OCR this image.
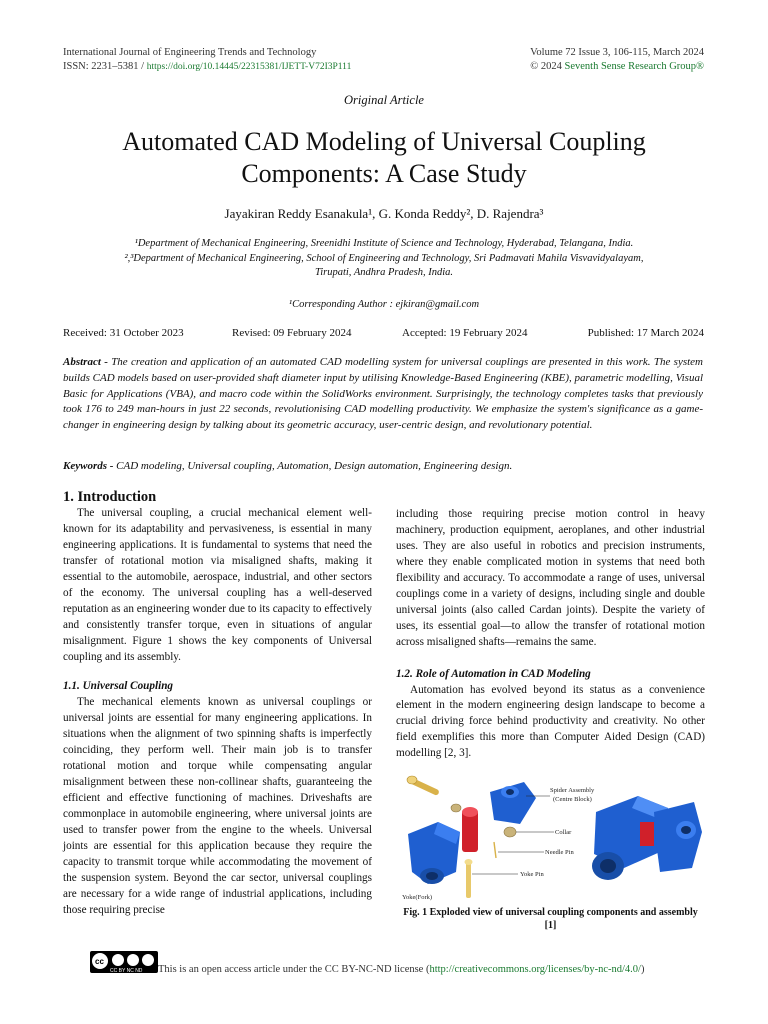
International Journal of Engineering Trends and Technology
ISSN: 2231–5381 / https://doi.org/10.14445/22315381/IJETT-V72I3P111
Volume 72 Issue 3, 106-115, March 2024
© 2024 Seventh Sense Research Group®
Original Article
Automated CAD Modeling of Universal Coupling
Components: A Case Study
Jayakiran Reddy Esanakula¹, G. Konda Reddy², D. Rajendra³
¹Department of Mechanical Engineering, Sreenidhi Institute of Science and Technology, Hyderabad, Telangana, India.
²,³Department of Mechanical Engineering, School of Engineering and Technology, Sri Padmavati Mahila Visvavidyalayam,
Tirupati, Andhra Pradesh, India.
¹Corresponding Author : ejkiran@gmail.com
Received: 31 October 2023	Revised: 09 February 2024	Accepted: 19 February 2024	Published: 17 March 2024
Abstract - The creation and application of an automated CAD modelling system for universal couplings are presented in this work. The system builds CAD models based on user-provided shaft diameter input by utilising Knowledge-Based Engineering (KBE), parametric modelling, Visual Basic for Applications (VBA), and macro code within the SolidWorks environment. Surprisingly, the technology completes tasks that previously took 176 to 249 man-hours in just 22 seconds, revolutionising CAD modelling productivity. We emphasize the system's significance as a game-changer in engineering design by talking about its geometric accuracy, user-centric design, and revolutionary potential.
Keywords - CAD modeling, Universal coupling, Automation, Design automation, Engineering design.
1. Introduction

The universal coupling, a crucial mechanical element well-known for its adaptability and pervasiveness, is essential in many engineering applications. It is fundamental to systems that need the transfer of rotational motion via misaligned shafts, making it essential to the automobile, aerospace, industrial, and other sectors of the economy. The universal coupling has a well-deserved reputation as an engineering wonder due to its capacity to effectively and consistently transfer torque, even in situations of angular misalignment. Figure 1 shows the key components of Universal coupling and its assembly.

1.1. Universal Coupling

The mechanical elements known as universal couplings or universal joints are essential for many engineering applications. In situations when the alignment of two spinning shafts is imperfectly coinciding, they perform well. Their main job is to transfer rotational motion and torque while compensating angular misalignment between these non-collinear shafts, guaranteeing the efficient and effective functioning of machines. Driveshafts are commonplace in automobile engineering, where universal joints are used to transfer power from the engine to the wheels. Universal joints are essential for this application because they require the capacity to transmit torque while accommodating the movement of the suspension system. Beyond the car sector, universal couplings are necessary for a wide range of industrial applications, including those requiring precise

including those requiring precise motion control in heavy machinery, production equipment, aeroplanes, and other industrial uses. They are also useful in robotics and precision instruments, where they enable complicated motion in systems that need both flexibility and accuracy. To accommodate a range of uses, universal couplings come in a variety of designs, including single and double universal joints (also called Cardan joints). Despite the variety of uses, its essential goal—to allow the transfer of rotational motion across misaligned shafts—remains the same.

1.2. Role of Automation in CAD Modeling

Automation has evolved beyond its status as a convenience element in the modern engineering design landscape to become a crucial driving force behind productivity and creativity. No other field exemplifies this more than Computer Aided Design (CAD) modelling [2, 3].

Spider Assembly
(Centre Block)
Collar
Needle Pin
Yoke Pin
Yoke(Fork)
Fig. 1 Exploded view of universal coupling components and assembly
[1]
cc
CC BY NC ND This is an open access article under the CC BY-NC-ND license (http://creativecommons.org/licenses/by-nc-nd/4.0/)
